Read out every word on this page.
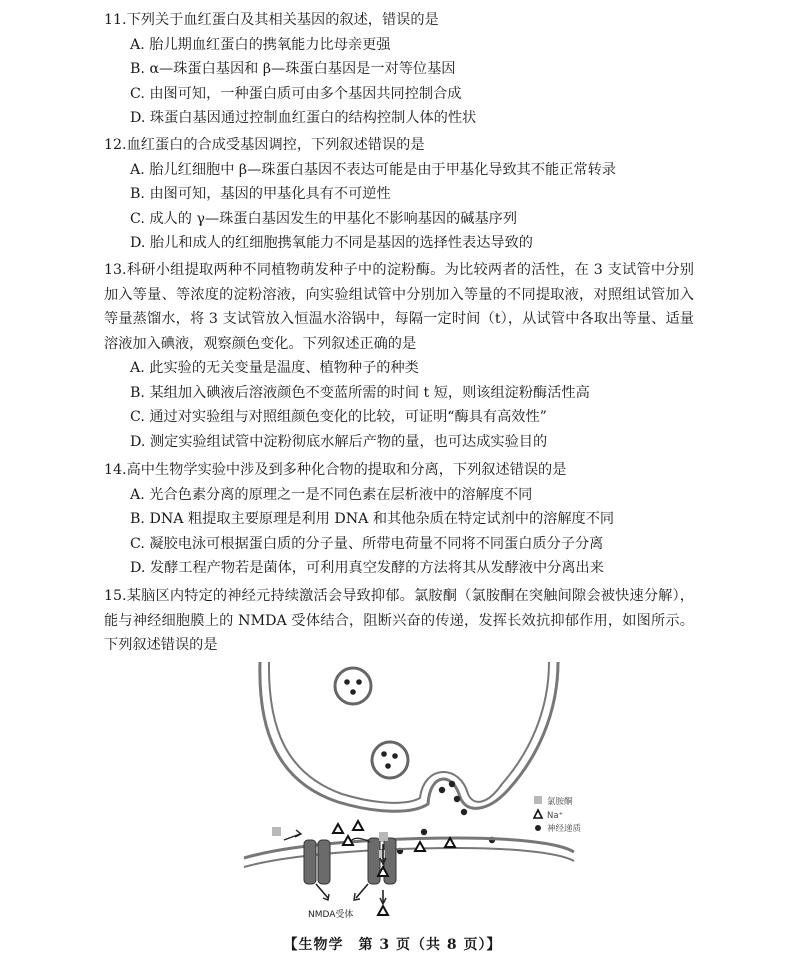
11.下列关于血红蛋白及其相关基因的叙述，错误的是
A. 胎儿期血红蛋白的携氧能力比母亲更强
B. α—珠蛋白基因和 β—珠蛋白基因是一对等位基因
C. 由图可知，一种蛋白质可由多个基因共同控制合成
D. 珠蛋白基因通过控制血红蛋白的结构控制人体的性状
12.血红蛋白的合成受基因调控，下列叙述错误的是
A. 胎儿红细胞中 β—珠蛋白基因不表达可能是由于甲基化导致其不能正常转录
B. 由图可知，基因的甲基化具有不可逆性
C. 成人的 γ—珠蛋白基因发生的甲基化不影响基因的碱基序列
D. 胎儿和成人的红细胞携氧能力不同是基因的选择性表达导致的
13.科研小组提取两种不同植物萌发种子中的淀粉酶。为比较两者的活性，在 3 支试管中分别加入等量、等浓度的淀粉溶液，向实验组试管中分别加入等量的不同提取液，对照组试管加入等量蒸馏水，将 3 支试管放入恒温水浴锅中，每隔一定时间（t），从试管中各取出等量、适量溶液加入碘液，观察颜色变化。下列叙述正确的是
A. 此实验的无关变量是温度、植物种子的种类
B. 某组加入碘液后溶液颜色不变蓝所需的时间 t 短，则该组淀粉酶活性高
C. 通过对实验组与对照组颜色变化的比较，可证明“酶具有高效性”
D. 测定实验组试管中淀粉彻底水解后产物的量，也可达成实验目的
14.高中生物学实验中涉及到多种化合物的提取和分离，下列叙述错误的是
A. 光合色素分离的原理之一是不同色素在层析液中的溶解度不同
B. DNA 粗提取主要原理是利用 DNA 和其他杂质在特定试剂中的溶解度不同
C. 凝胶电泳可根据蛋白质的分子量、所带电荷量不同将不同蛋白质分子分离
D. 发酵工程产物若是菌体，可利用真空发酵的方法将其从发酵液中分离出来
15.某脑区内特定的神经元持续激活会导致抑郁。氯胺酮（氯胺酮在突触间隙会被快速分解），能与神经细胞膜上的 NMDA 受体结合，阻断兴奋的传递，发挥长效抗抑郁作用，如图所示。下列叙述错误的是
NMDA受体
氯胺酮
Na⁺
神经递质
【生物学　第 3 页（共 8 页）】
